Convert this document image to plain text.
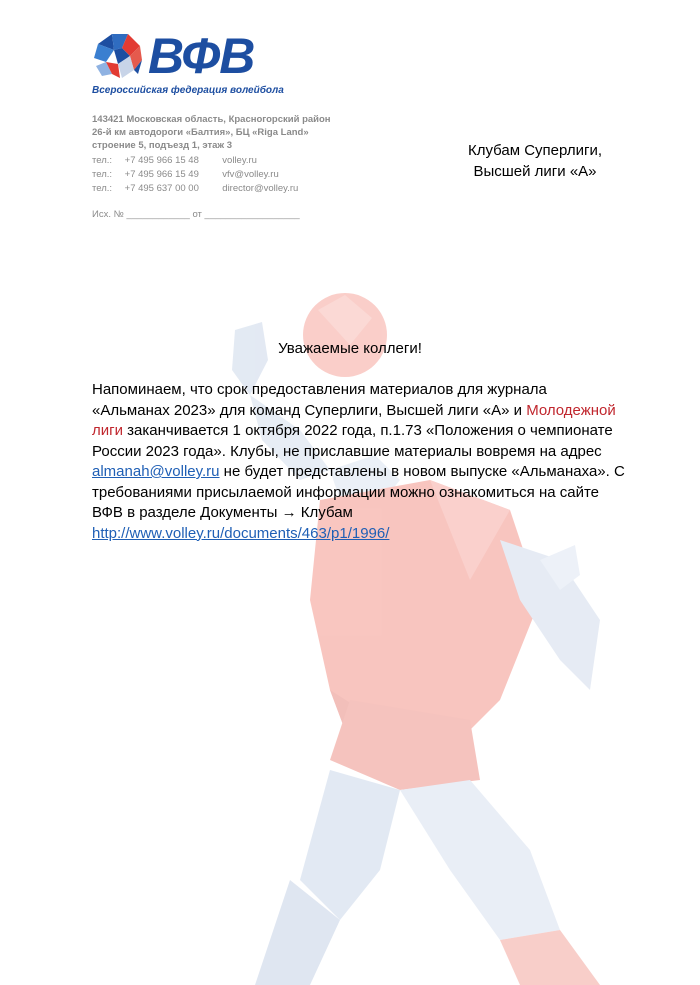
ВФВ
Всероссийская федерация волейбола
143421 Московская область, Красногорский район
26-й км автодороги «Балтия», БЦ «Riga Land»
строение 5, подъезд 1, этаж 3
тел.: +7 495 966 15 48 volley.ru
тел.: +7 495 966 15 49 vfv@volley.ru
тел.: +7 495 637 00 00 director@volley.ru
Исх. № ____________ от __________________
Клубам Суперлиги,
Высшей лиги «А»
Уважаемые коллеги!
Напоминаем, что срок предоставления материалов для журнала «Альманах 2023» для команд Суперлиги, Высшей лиги «А» и Молодежной лиги заканчивается 1 октября 2022 года, п.1.73 «Положения о чемпионате России 2023 года». Клубы, не приславшие материалы вовремя на адрес almanah@volley.ru не будет представлены в новом выпуске «Альманаха». С требованиями присылаемой информации можно ознакомиться на сайте ВФВ в разделе Документы → Клубам
http://www.volley.ru/documents/463/p1/1996/
